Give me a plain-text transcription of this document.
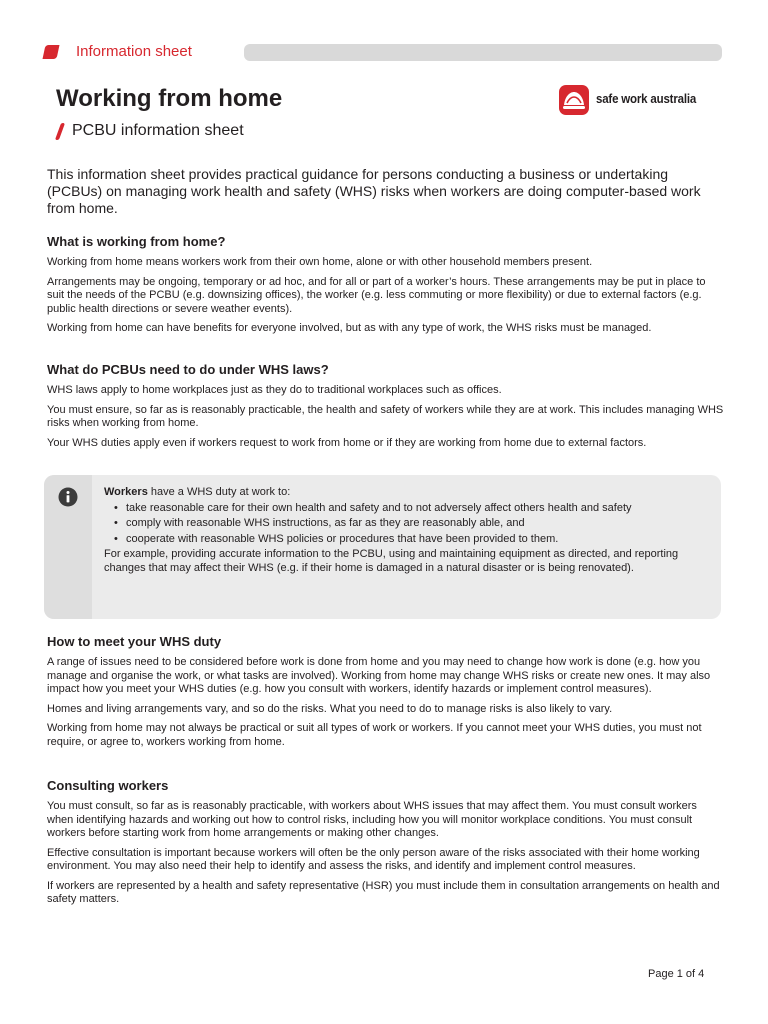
Information sheet
Working from home
PCBU information sheet
safe work australia

This information sheet provides practical guidance for persons conducting a business or undertaking (PCBUs) on managing work health and safety (WHS) risks when workers are doing computer-based work from home.

What is working from home?

Working from home means workers work from their own home, alone or with other household members present.

Arrangements may be ongoing, temporary or ad hoc, and for all or part of a worker’s hours. These arrangements may be put in place to suit the needs of the PCBU (e.g. downsizing offices), the worker (e.g. less commuting or more flexibility) or due to external factors (e.g. public health directions or severe weather events).

Working from home can have benefits for everyone involved, but as with any type of work, the WHS risks must be managed.

What do PCBUs need to do under WHS laws?

WHS laws apply to home workplaces just as they do to traditional workplaces such as offices.

You must ensure, so far as is reasonably practicable, the health and safety of workers while they are at work. This includes managing WHS risks when working from home.

Your WHS duties apply even if workers request to work from home or if they are working from home due to external factors.

Workers have a WHS duty at work to:

• take reasonable care for their own health and safety and to not adversely affect others health and safety
• comply with reasonable WHS instructions, as far as they are reasonably able, and
• cooperate with reasonable WHS policies or procedures that have been provided to them.

For example, providing accurate information to the PCBU, using and maintaining equipment as directed, and reporting changes that may affect their WHS (e.g. if their home is damaged in a natural disaster or is being renovated).

How to meet your WHS duty

A range of issues need to be considered before work is done from home and you may need to change how work is done (e.g. how you manage and organise the work, or what tasks are involved). Working from home may change WHS risks or create new ones. It may also impact how you meet your WHS duties (e.g. how you consult with workers, identify hazards or implement control measures).

Homes and living arrangements vary, and so do the risks. What you need to do to manage risks is also likely to vary.

Working from home may not always be practical or suit all types of work or workers. If you cannot meet your WHS duties, you must not require, or agree to, workers working from home.

Consulting workers

You must consult, so far as is reasonably practicable, with workers about WHS issues that may affect them. You must consult workers when identifying hazards and working out how to control risks, including how you will monitor workplace conditions. You must consult workers before starting work from home arrangements or making other changes.

Effective consultation is important because workers will often be the only person aware of the risks associated with their home working environment. You may also need their help to identify and assess the risks, and identify and implement control measures.

If workers are represented by a health and safety representative (HSR) you must include them in consultation arrangements on health and safety matters.

Page 1 of 4
